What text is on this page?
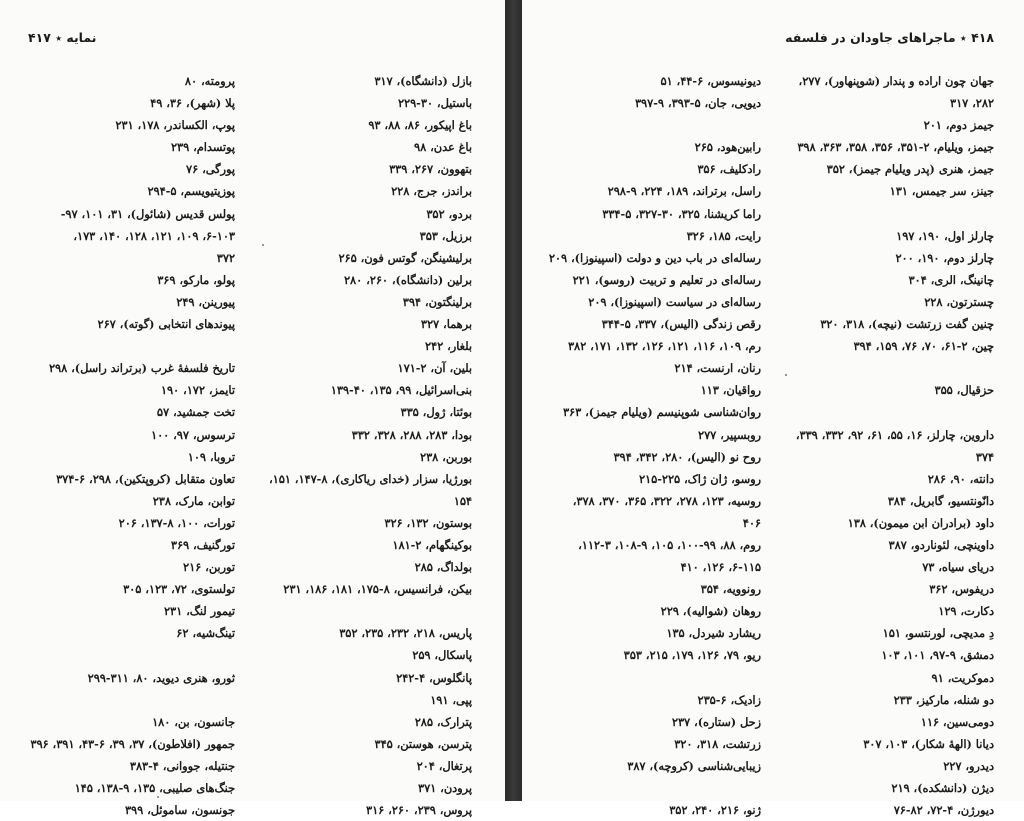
نمایه ٭ ۴۱۷
بازل (دانشگاه)، ۳۱۷
باستیل، ۳۰-۲۲۹
باغ اپیکور، ۸۶، ۸۸، ۹۳
باغ عدن، ۹۸
بتهوون، ۲۶۷، ۳۳۹
براندز، جرج، ۲۲۸
بردو، ۳۵۲
برزیل، ۳۵۳
برلیشینگن، گوتس فون، ۲۶۵
برلین (دانشگاه)، ۲۶۰، ۲۸۰
برلینگتون، ۳۹۴
برهما، ۳۲۷
بلغار، ۲۴۲
بلین، آن، ۲-۱۷۱
بنی‌اسرائیل، ۹۹، ۱۳۵، ۴۰-۱۳۹
بوئتا، ژول، ۳۳۵
بودا، ۲۸۳، ۲۸۸، ۳۲۸، ۳۳۲
بوربن، ۲۳۸
بورژیا، سزار (خدای ریاکاری)، ۸-۱۴۷، ۱۵۱،
۱۵۴
بوستون، ۱۳۲، ۳۲۶
بوکینگهام، ۲-۱۸۱
بولداگ، ۲۸۵
بیکن، فرانسیس، ۸-۱۷۵، ۱۸۱، ۱۸۶، ۲۳۱
پاریس، ۲۱۸، ۲۳۲، ۲۳۵، ۳۵۲
پاسکال، ۲۵۹
پانگلوس، ۴-۲۴۲
پپی، ۱۹۱
پترارک، ۲۸۵
پترسن، هوستن، ۳۴۵
پرتغال، ۲۰۴
پرودن، ۳۷۱
پروس، ۲۳۹، ۲۶۰، ۳۱۶
پرومته، ۸۰
پلا (شهر)، ۳۶، ۴۹
پوپ، الکساندر، ۱۷۸، ۲۳۱
پوتسدام، ۲۳۹
پورگی، ۷۶
پوزیتیویسم، ۵-۲۹۴
پولس قدیس (شائول)، ۳۱، ۱۰۱، ۹۷-
۶-۱۰۳، ۱۰۹، ۱۲۱، ۱۲۸، ۱۴۰، ۱۷۳،
۳۷۲
پولو، مارکو، ۳۶۹
پیورینن، ۲۴۹
پیوندهای انتخابی (گوته)، ۲۶۷
تاریخ فلسفهٔ غرب (برتراند راسل)، ۲۹۸
تایمز، ۱۷۲، ۱۹۰
تخت جمشید، ۵۷
ترسوس، ۹۷، ۱۰۰
تروبا، ۱۰۹
تعاون متقابل (کروپتکین)، ۲۹۸، ۶-۳۷۴
توابن، مارک، ۲۳۸
تورات، ۱۰۰، ۸-۱۳۷، ۲۰۶
تورگنیف، ۳۶۹
توربن، ۲۱۶
تولستوی، ۷۲، ۱۲۳، ۳۰۵
تیمور لنگ، ۲۳۱
تینگ‌شیه، ۶۲
ثورو، هنری دیوید، ۸۰، ۳۱۱-۲۹۹
جانسون، بن، ۱۸۰
جمهور (افلاطون)، ۳۷، ۳۹، ۶-۴۳، ۳۹۱، ۳۹۶
جنتیله، جووانی، ۴-۳۸۳
جنگ‌های صلیبی، ۱۳۵، ۹-۱۳۸، ۱۴۵
جونسون، ساموئل، ۳۹۹
۴۱۸ ٭ ماجراهای جاودان در فلسفه
جهان چون اراده و پندار (شوپنهاور)، ۲۷۷،
۲۸۲، ۳۱۷
جیمز دوم، ۲۰۱
جیمز، ویلیام، ۲-۳۵۱، ۳۵۶، ۳۵۸، ۳۶۳، ۳۹۸
جیمز، هنری (پدر ویلیام جیمز)، ۳۵۲
جینز، سر جیمس، ۱۳۱
چارلز اول، ۱۹۰، ۱۹۷
چارلز دوم، ۱۹۰، ۲۰۰
چانینگ، الری، ۳۰۴
چسترتون، ۲۲۸
چنین گفت زرتشت (نیچه)، ۳۱۸، ۳۲۰
چین، ۲-۶۱، ۷۰، ۷۶، ۱۵۹، ۳۹۴
حزقیال، ۳۵۵
داروین، چارلز، ۱۶، ۵۵، ۶۱، ۹۲، ۳۳۲، ۳۳۹،
۳۷۴
دانته، ۹۰، ۲۸۶
دانّونتسیو، گابریل، ۳۸۴
داود (برادران ابن میمون)، ۱۳۸
داوینچی، لئوناردو، ۳۸۷
دریای سیاه، ۷۳
دریفوس، ۳۶۲
دکارت، ۱۲۹
دِ مدیچی، لورنتسو، ۱۵۱
دمشق، ۹-۹۷، ۱۰۱، ۱۰۳
دموکریت، ۹۱
دو شنله، مارکیز، ۲۳۳
دومی‌سین، ۱۱۶
دیانا (الههٔ شکار)، ۱۰۳، ۳۰۷
دیدرو، ۲۲۷
دیژن (دانشکده)، ۲۱۹
دیورژن، ۴-۷۲، ۸۲-۷۶
دیونیسوس، ۶-۴۴، ۵۱
دیویی، جان، ۵-۳۹۳، ۹-۳۹۷
رابین‌هود، ۲۶۵
رادکلیف، ۳۵۶
راسل، برتراند، ۱۸۹، ۲۲۴، ۹-۲۹۸
راما کریشنا، ۳۲۵، ۳۰-۳۲۷، ۵-۳۳۴
رایت، ۱۸۵، ۳۲۶
رساله‌ای در باب دین و دولت (اسپینوزا)، ۲۰۹
رساله‌ای در تعلیم و تربیت (روسو)، ۲۲۱
رساله‌ای در سیاست (اسپینوزا)، ۲۰۹
رقص زندگی (الیس)، ۳۳۷، ۵-۳۴۴
رم، ۱۰۹، ۱۱۶، ۱۲۱، ۱۲۶، ۱۳۲، ۱۷۱، ۳۸۲
رنان، ارنست، ۲۱۴
رواقیان، ۱۱۳
روان‌شناسی شوپنیسم (ویلیام جیمز)، ۳۶۳
روبسپیر، ۲۷۷
روح نو (الیس)، ۲۸۰، ۳۴۲، ۳۹۴
روسو، ژان ژاک، ۲۲۵-۲۱۵
روسیه، ۱۲۳، ۲۷۸، ۳۲۲، ۳۶۵، ۳۷۰، ۳۷۸،
۴۰۶
روم، ۸۸، ۹۹-۱۰۰، ۱۰۵، ۹-۱۰۸، ۳-۱۱۲،
۶-۱۱۵، ۱۲۶، ۴۱۰
رونوویه، ۳۵۴
روهان (شوالیه)، ۲۲۹
ریشارد شیردل، ۱۳۵
ریو، ۷۹، ۱۲۶، ۱۷۹، ۲۱۵، ۳۵۳
زادیک، ۶-۲۳۵
زحل (ستاره)، ۲۳۷
زرتشت، ۳۱۸، ۳۲۰
زیبایی‌شناسی (کروچه)، ۳۸۷
ژنو، ۲۱۶، ۲۴۰، ۳۵۲
